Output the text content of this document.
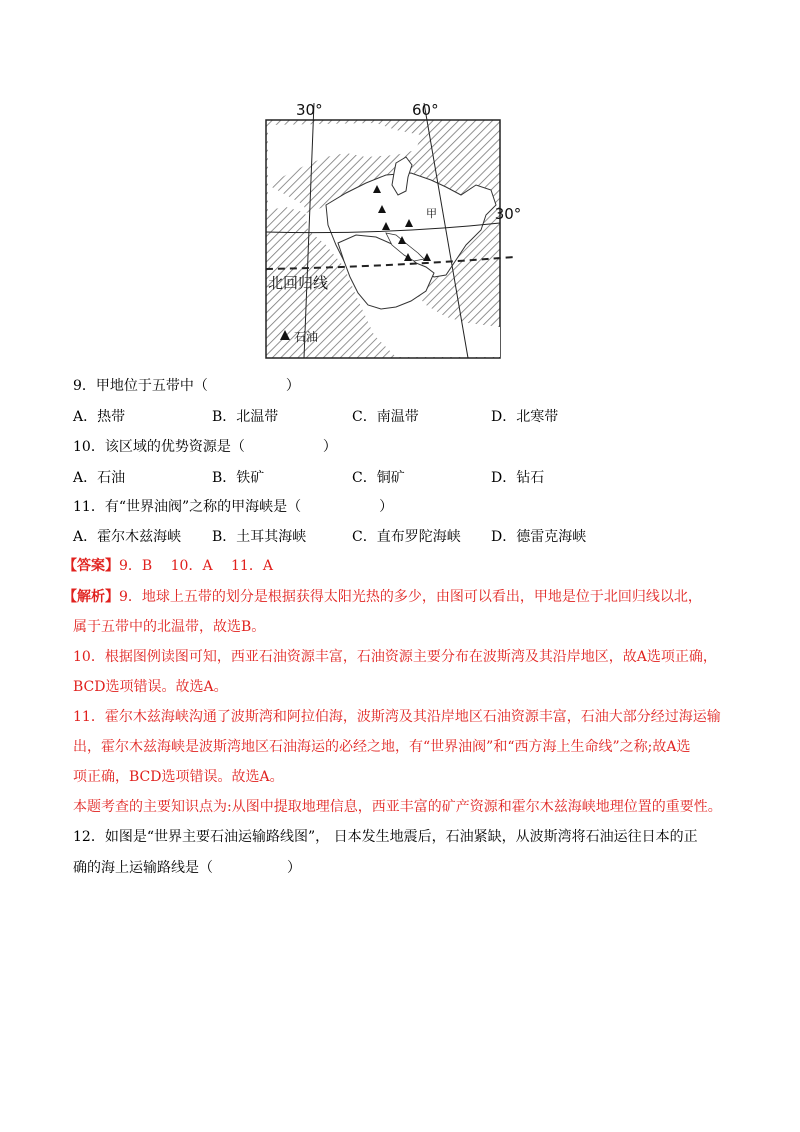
30°	60°
30°
甲
北回归线
石油
9．甲地位于五带中（	）
A．热带	B．北温带	C．南温带	D．北寒带
10．该区域的优势资源是（	）
A．石油	B．铁矿	C．铜矿	D．钻石
11．有“世界油阀”之称的甲海峡是（	）
A．霍尔木兹海峡 B．土耳其海峡	C．直布罗陀海峡 D．德雷克海峡
【答案】9．B　 10．A　 11．A
【解析】9．地球上五带的划分是根据获得太阳光热的多少，由图可以看出，甲地是位于北回归线以北，
属于五带中的北温带，故选B。
10．根据图例读图可知，西亚石油资源丰富，石油资源主要分布在波斯湾及其沿岸地区，故A选项正确，
BCD选项错误。故选A。
11．霍尔木兹海峡沟通了波斯湾和阿拉伯海，波斯湾及其沿岸地区石油资源丰富，石油大部分经过海运输
出，霍尔木兹海峡是波斯湾地区石油海运的必经之地，有“世界油阀”和“西方海上生命线”之称;故A选
项正确，BCD选项错误。故选A。
本题考查的主要知识点为:从图中提取地理信息，西亚丰富的矿产资源和霍尔木兹海峡地理位置的重要性。
12．如图是“世界主要石油运输路线图”， 日本发生地震后，石油紧缺，从波斯湾将石油运往日本的正
确的海上运输路线是（	）
